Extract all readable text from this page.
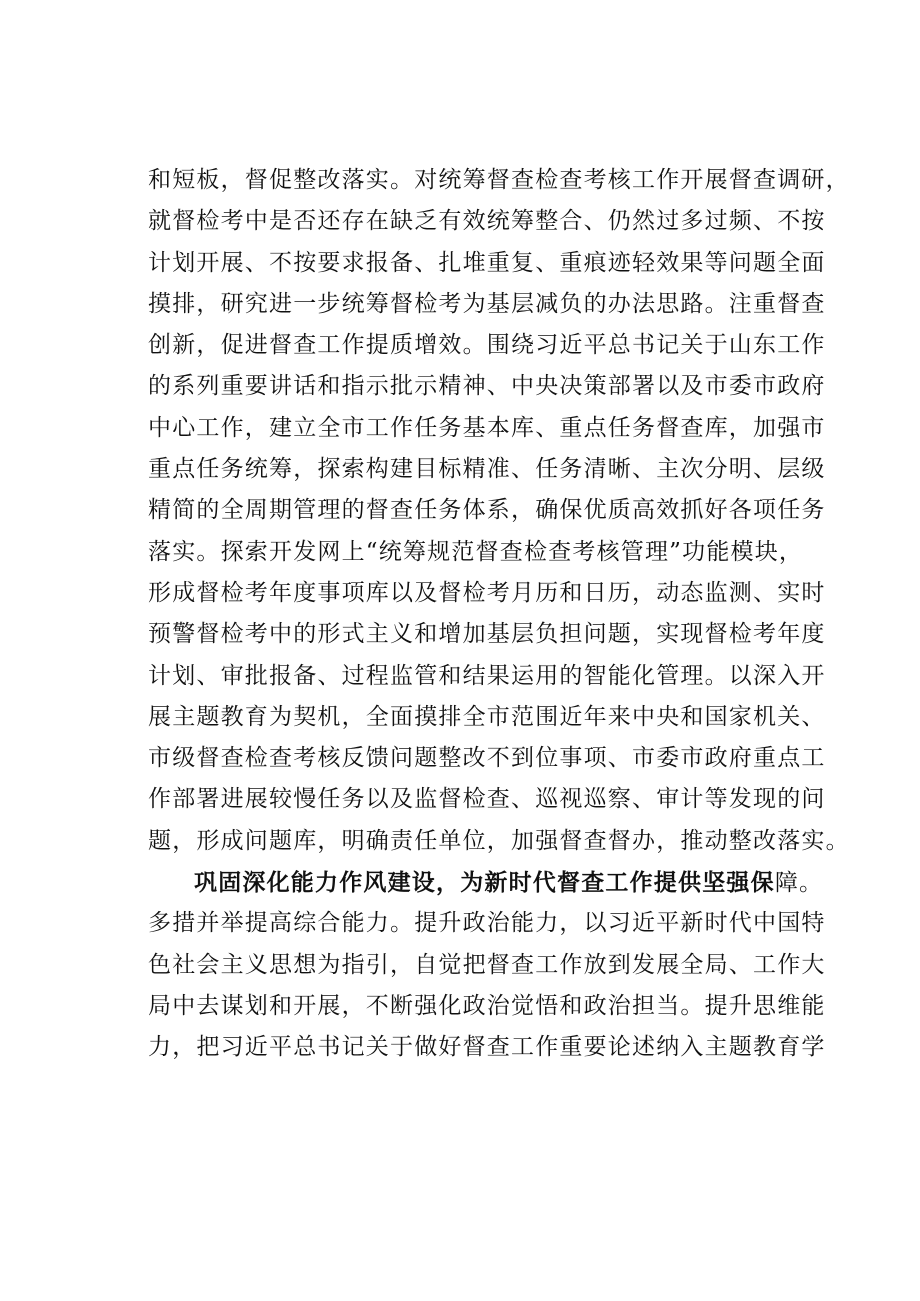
和短板，督促整改落实。对统筹督查检查考核工作开展督查调研，
就督检考中是否还存在缺乏有效统筹整合、仍然过多过频、不按
计划开展、不按要求报备、扎堆重复、重痕迹轻效果等问题全面
摸排，研究进一步统筹督检考为基层减负的办法思路。注重督查
创新，促进督查工作提质增效。围绕习近平总书记关于山东工作
的系列重要讲话和指示批示精神、中央决策部署以及市委市政府
中心工作，建立全市工作任务基本库、重点任务督查库，加强市
重点任务统筹，探索构建目标精准、任务清晰、主次分明、层级
精简的全周期管理的督查任务体系，确保优质高效抓好各项任务
落实。探索开发网上“统筹规范督查检查考核管理”功能模块，
形成督检考年度事项库以及督检考月历和日历，动态监测、实时
预警督检考中的形式主义和增加基层负担问题，实现督检考年度
计划、审批报备、过程监管和结果运用的智能化管理。以深入开
展主题教育为契机，全面摸排全市范围近年来中央和国家机关、
市级督查检查考核反馈问题整改不到位事项、市委市政府重点工
作部署进展较慢任务以及监督检查、巡视巡察、审计等发现的问
题，形成问题库，明确责任单位，加强督查督办，推动整改落实。
巩固深化能力作风建设，为新时代督查工作提供坚强保障。
多措并举提高综合能力。提升政治能力，以习近平新时代中国特
色社会主义思想为指引，自觉把督查工作放到发展全局、工作大
局中去谋划和开展，不断强化政治觉悟和政治担当。提升思维能
力，把习近平总书记关于做好督查工作重要论述纳入主题教育学
